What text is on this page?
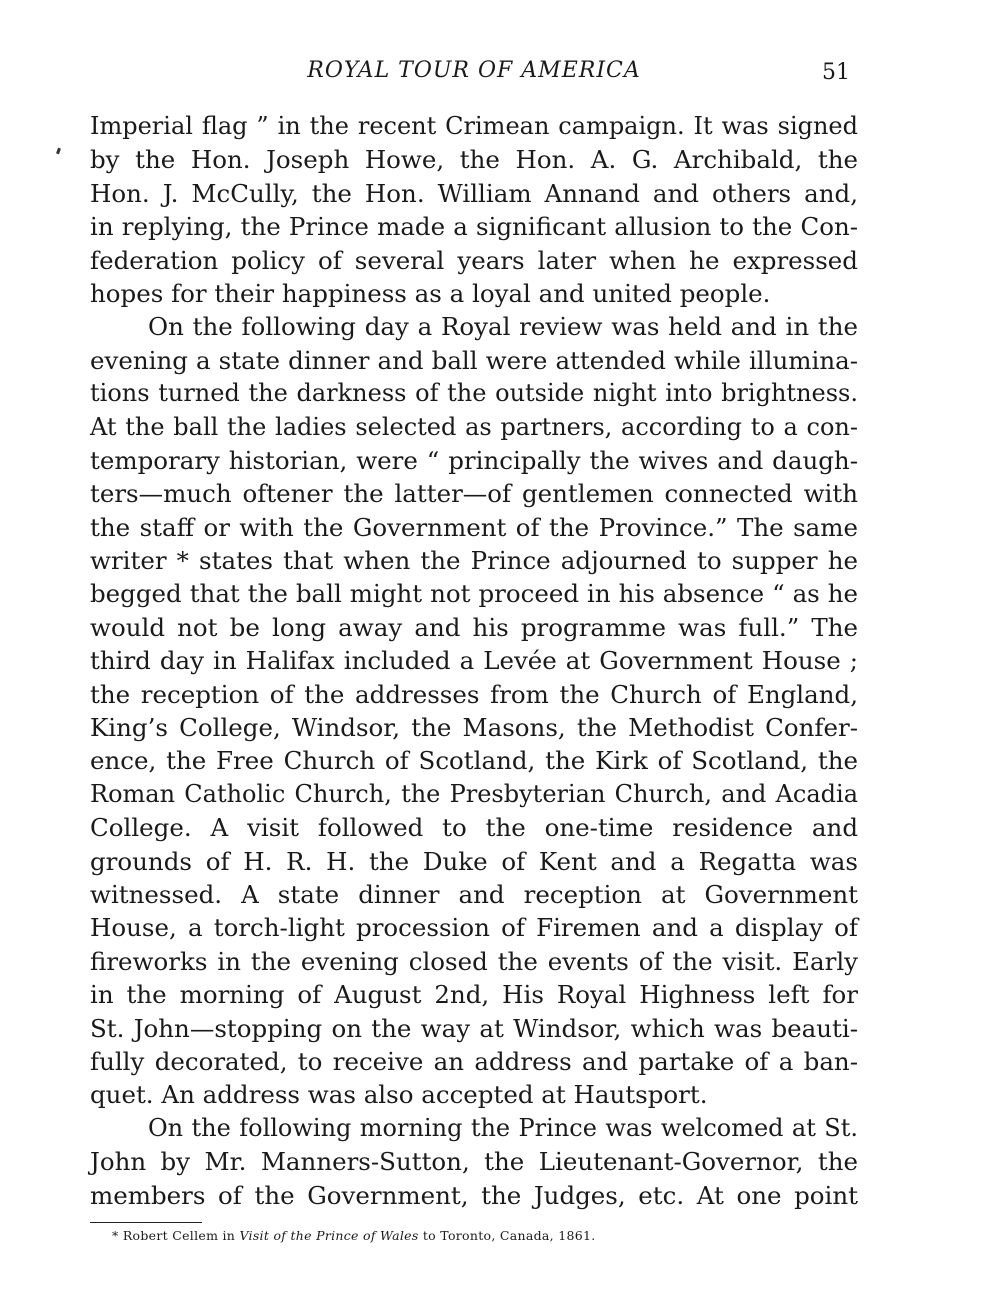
ROYAL TOUR OF AMERICA	51
Imperial flag ” in the recent Crimean campaign. It was signed
by the Hon. Joseph Howe, the Hon. A. G. Archibald, the
Hon. J. McCully, the Hon. William Annand and others and,
in replying, the Prince made a significant allusion to the Con-
federation policy of several years later when he expressed
hopes for their happiness as a loyal and united people.
On the following day a Royal review was held and in the
evening a state dinner and ball were attended while illumina-
tions turned the darkness of the outside night into brightness.
At the ball the ladies selected as partners, according to a con-
temporary historian, were “ principally the wives and daugh-
ters—much oftener the latter—of gentlemen connected with
the staff or with the Government of the Province.” The same
writer * states that when the Prince adjourned to supper he
begged that the ball might not proceed in his absence “ as he
would not be long away and his programme was full.” The
third day in Halifax included a Levée at Government House ;
the reception of the addresses from the Church of England,
King’s College, Windsor, the Masons, the Methodist Confer-
ence, the Free Church of Scotland, the Kirk of Scotland, the
Roman Catholic Church, the Presbyterian Church, and Acadia
College. A visit followed to the one-time residence and
grounds of H. R. H. the Duke of Kent and a Regatta was
witnessed. A state dinner and reception at Government
House, a torch-light procession of Firemen and a display of
fireworks in the evening closed the events of the visit. Early
in the morning of August 2nd, His Royal Highness left for
St. John—stopping on the way at Windsor, which was beauti-
fully decorated, to receive an address and partake of a ban-
quet. An address was also accepted at Hautsport.
On the following morning the Prince was welcomed at St.
John by Mr. Manners-Sutton, the Lieutenant-Governor, the
members of the Government, the Judges, etc. At one point
* Robert Cellem in Visit of the Prince of Wales to Toronto, Canada, 1861.
